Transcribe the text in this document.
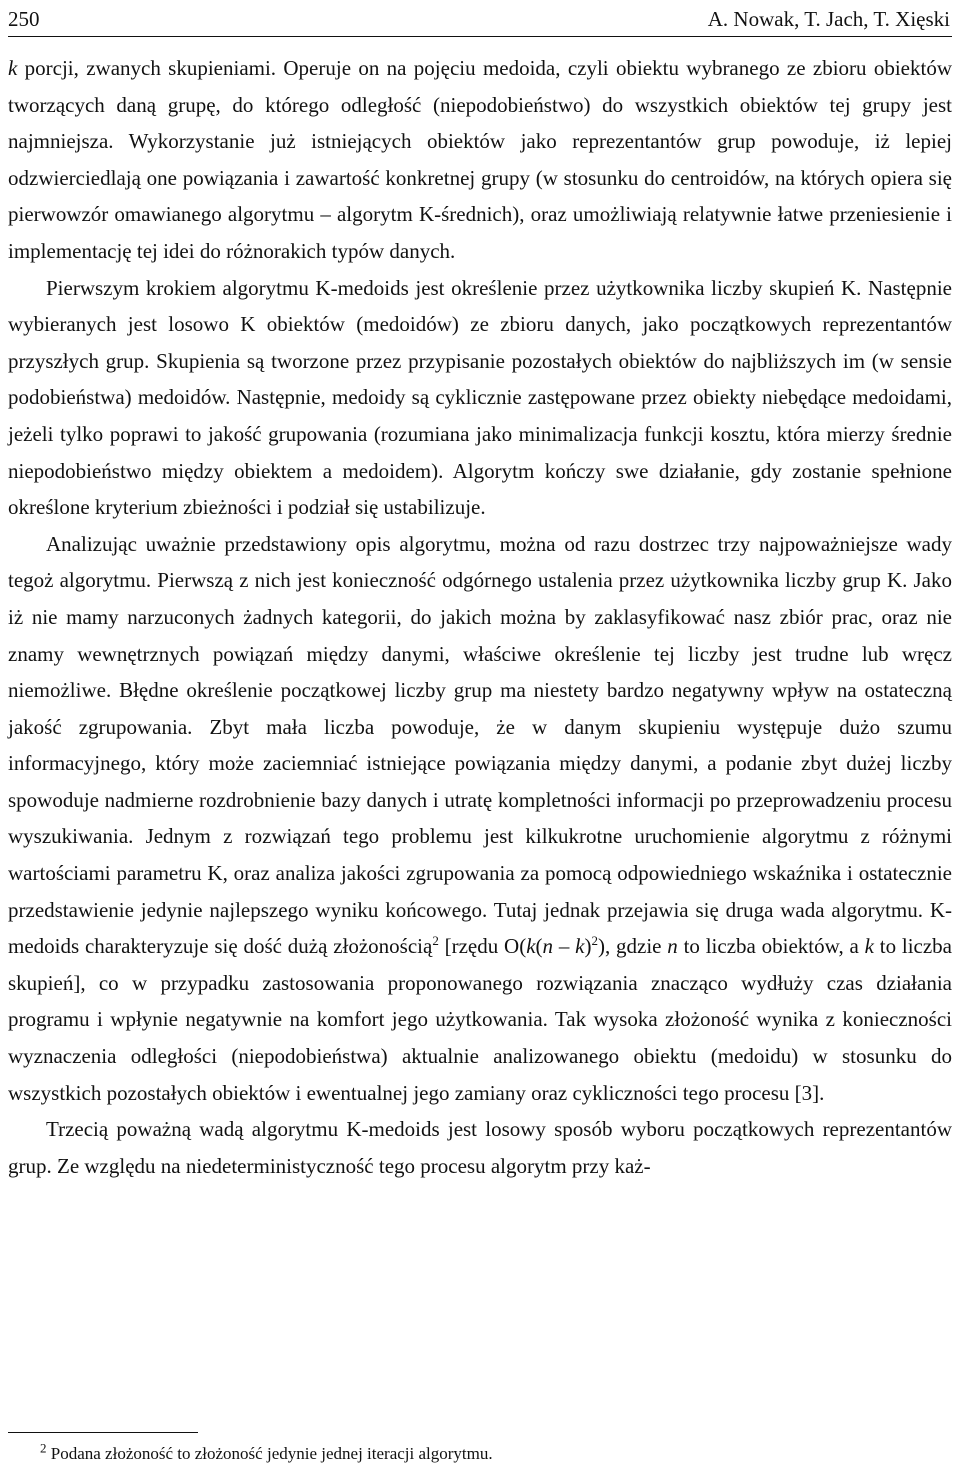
250	A. Nowak, T. Jach, T. Xięski

k porcji, zwanych skupieniami. Operuje on na pojęciu medoida, czyli obiektu wybranego ze zbioru obiektów tworzących daną grupę, do którego odległość (niepodobieństwo) do wszystkich obiektów tej grupy jest najmniejsza. Wykorzystanie już istniejących obiektów jako reprezentantów grup powoduje, iż lepiej odzwierciedlają one powiązania i zawartość konkretnej grupy (w stosunku do centroidów, na których opiera się pierwowzór omawianego algorytmu – algorytm K-średnich), oraz umożliwiają relatywnie łatwe przeniesienie i implementację tej idei do różnorakich typów danych.

Pierwszym krokiem algorytmu K-medoids jest określenie przez użytkownika liczby skupień K. Następnie wybieranych jest losowo K obiektów (medoidów) ze zbioru danych, jako początkowych reprezentantów przyszłych grup. Skupienia są tworzone przez przypisanie pozostałych obiektów do najbliższych im (w sensie podobieństwa) medoidów. Następnie, medoidy są cyklicznie zastępowane przez obiekty niebędące medoidami, jeżeli tylko poprawi to jakość grupowania (rozumiana jako minimalizacja funkcji kosztu, która mierzy średnie niepodobieństwo między obiektem a medoidem). Algorytm kończy swe działanie, gdy zostanie spełnione określone kryterium zbieżności i podział się ustabilizuje.

Analizując uważnie przedstawiony opis algorytmu, można od razu dostrzec trzy najpoważniejsze wady tegoż algorytmu. Pierwszą z nich jest konieczność odgórnego ustalenia przez użytkownika liczby grup K. Jako iż nie mamy narzuconych żadnych kategorii, do jakich można by zaklasyfikować nasz zbiór prac, oraz nie znamy wewnętrznych powiązań między danymi, właściwe określenie tej liczby jest trudne lub wręcz niemożliwe. Błędne określenie początkowej liczby grup ma niestety bardzo negatywny wpływ na ostateczną jakość zgrupowania. Zbyt mała liczba powoduje, że w danym skupieniu występuje dużo szumu informacyjnego, który może zaciemniać istniejące powiązania między danymi, a podanie zbyt dużej liczby spowoduje nadmierne rozdrobnienie bazy danych i utratę kompletności informacji po przeprowadzeniu procesu wyszukiwania. Jednym z rozwiązań tego problemu jest kilkukrotne uruchomienie algorytmu z różnymi wartościami parametru K, oraz analiza jakości zgrupowania za pomocą odpowiedniego wskaźnika i ostatecznie przedstawienie jedynie najlepszego wyniku końcowego. Tutaj jednak przejawia się druga wada algorytmu. K-medoids charakteryzuje się dość dużą złożonością$^2$ [rzędu O(k(n – k)$^2$), gdzie n to liczba obiektów, a k to liczba skupień], co w przypadku zastosowania proponowanego rozwiązania znacząco wydłuży czas działania programu i wpłynie negatywnie na komfort jego użytkowania. Tak wysoka złożoność wynika z konieczności wyznaczenia odległości (niepodobieństwa) aktualnie analizowanego obiektu (medoidu) w stosunku do wszystkich pozostałych obiektów i ewentualnej jego zamiany oraz cykliczności tego procesu [3].

Trzecią poważną wadą algorytmu K-medoids jest losowy sposób wyboru początkowych reprezentantów grup. Ze względu na niedeterministyczność tego procesu algorytm przy każ-

$^2$ Podana złożoność to złożoność jedynie jednej iteracji algorytmu.
